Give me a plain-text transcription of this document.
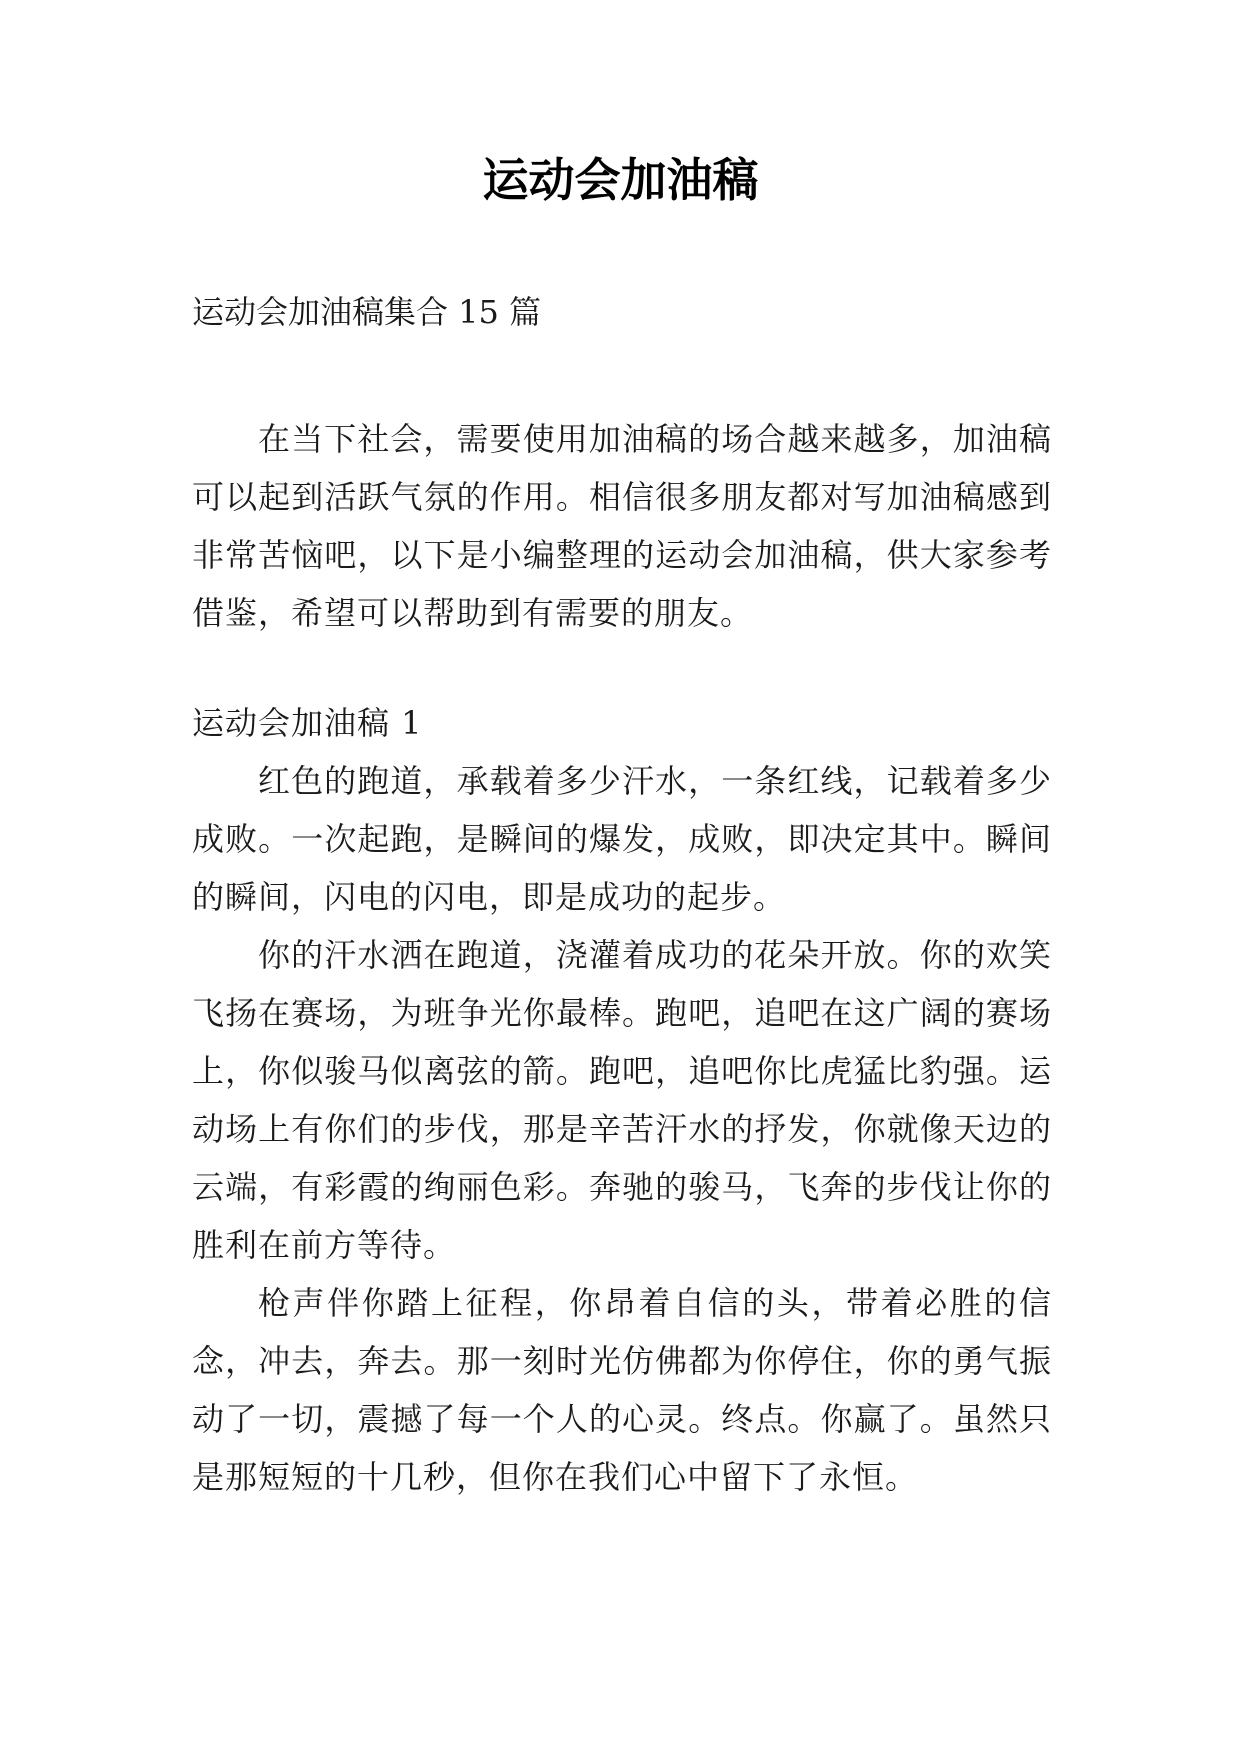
运动会加油稿
运动会加油稿集合 15 篇

在当下社会，需要使用加油稿的场合越来越多，加油稿可以起到活跃气氛的作用。相信很多朋友都对写加油稿感到非常苦恼吧，以下是小编整理的运动会加油稿，供大家参考借鉴，希望可以帮助到有需要的朋友。

运动会加油稿 1

红色的跑道，承载着多少汗水，一条红线，记载着多少成败。一次起跑，是瞬间的爆发，成败，即决定其中。瞬间的瞬间，闪电的闪电，即是成功的起步。

你的汗水洒在跑道，浇灌着成功的花朵开放。你的欢笑飞扬在赛场，为班争光你最棒。跑吧，追吧在这广阔的赛场上，你似骏马似离弦的箭。跑吧，追吧你比虎猛比豹强。运动场上有你们的步伐，那是辛苦汗水的抒发，你就像天边的云端，有彩霞的绚丽色彩。奔驰的骏马，飞奔的步伐让你的胜利在前方等待。

枪声伴你踏上征程，你昂着自信的头，带着必胜的信念，冲去，奔去。那一刻时光仿佛都为你停住，你的勇气振动了一切，震撼了每一个人的心灵。终点。你赢了。虽然只是那短短的十几秒，但你在我们心中留下了永恒。
